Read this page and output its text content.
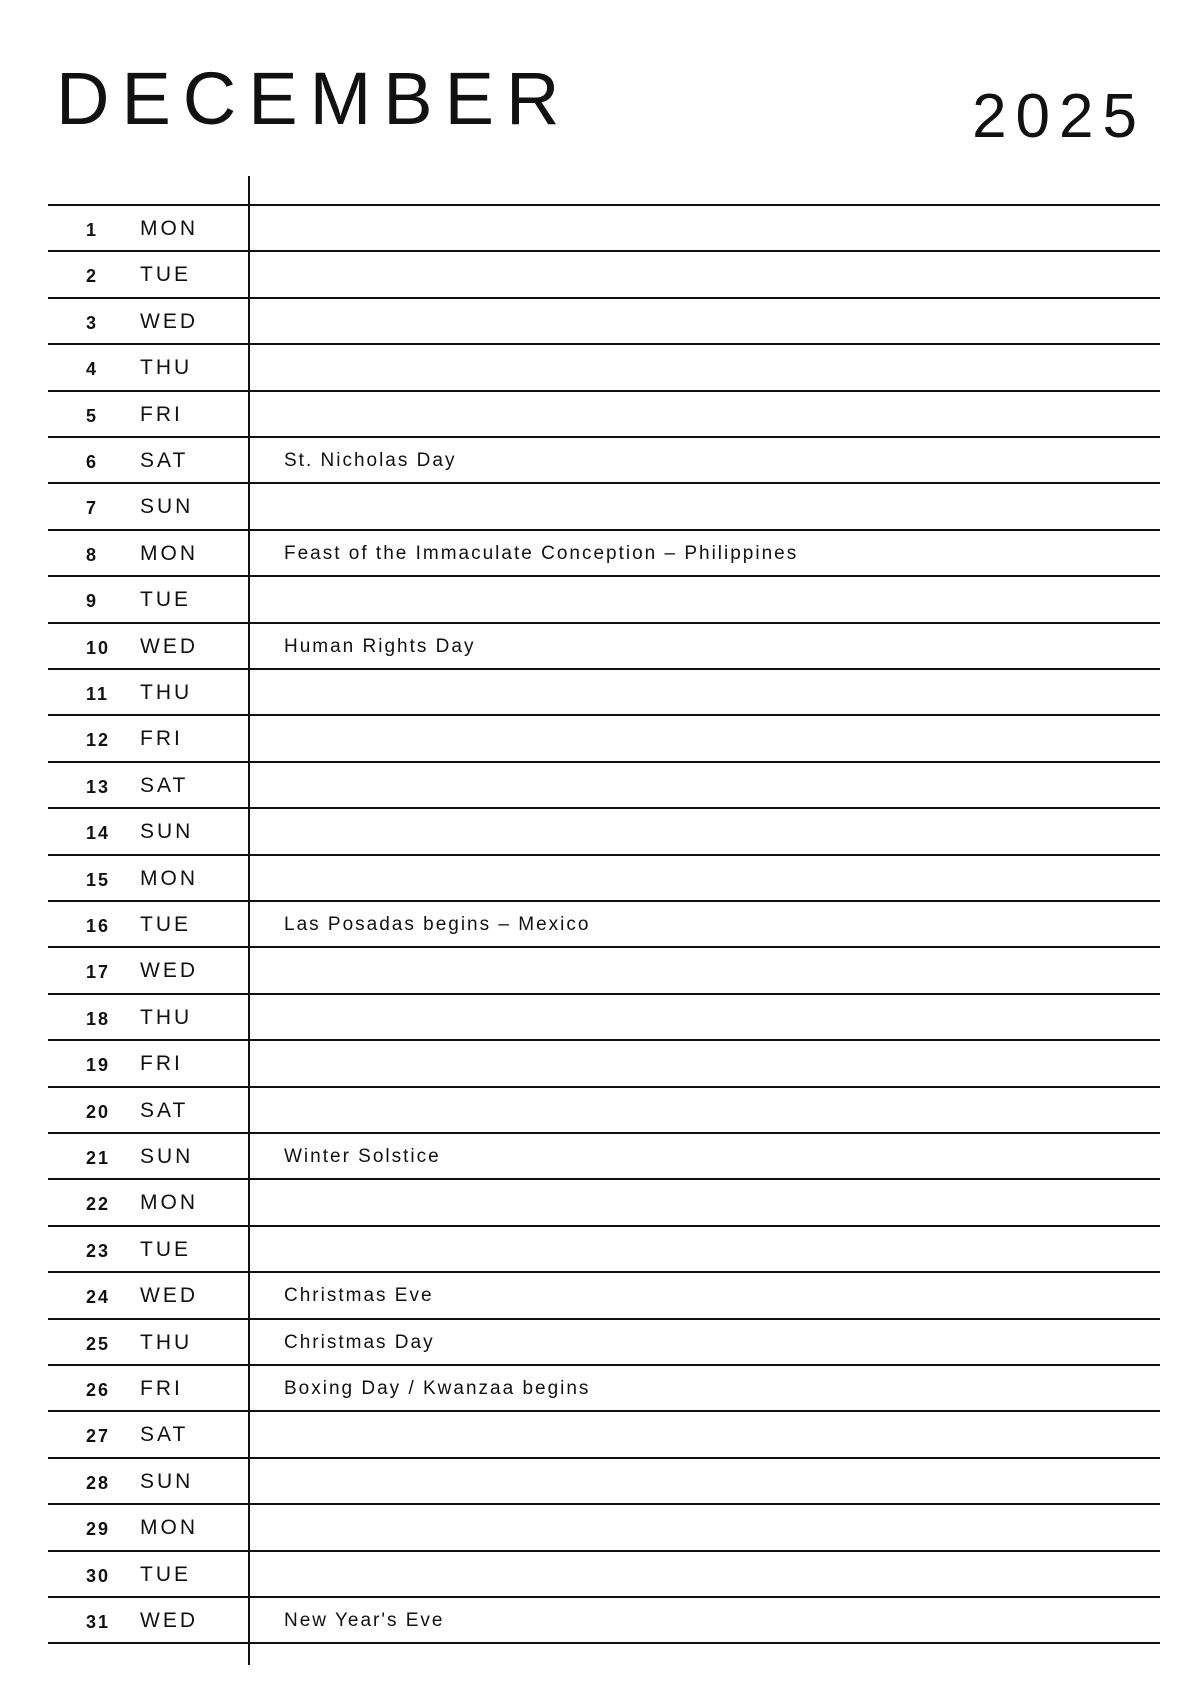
DECEMBER	2025
1 MON
2 TUE
3 WED
4 THU
5 FRI
6 SAT	St. Nicholas Day
7 SUN
8 MON	Feast of the Immaculate Conception – Philippines
9 TUE
10 WED	Human Rights Day
11 THU
12 FRI
13 SAT
14 SUN
15 MON
16 TUE	Las Posadas begins – Mexico
17 WED
18 THU
19 FRI
20 SAT
21 SUN	Winter Solstice
22 MON
23 TUE
24 WED	Christmas Eve
25 THU	Christmas Day
26 FRI	Boxing Day / Kwanzaa begins
27 SAT
28 SUN
29 MON
30 TUE
31 WED	New Year's Eve
